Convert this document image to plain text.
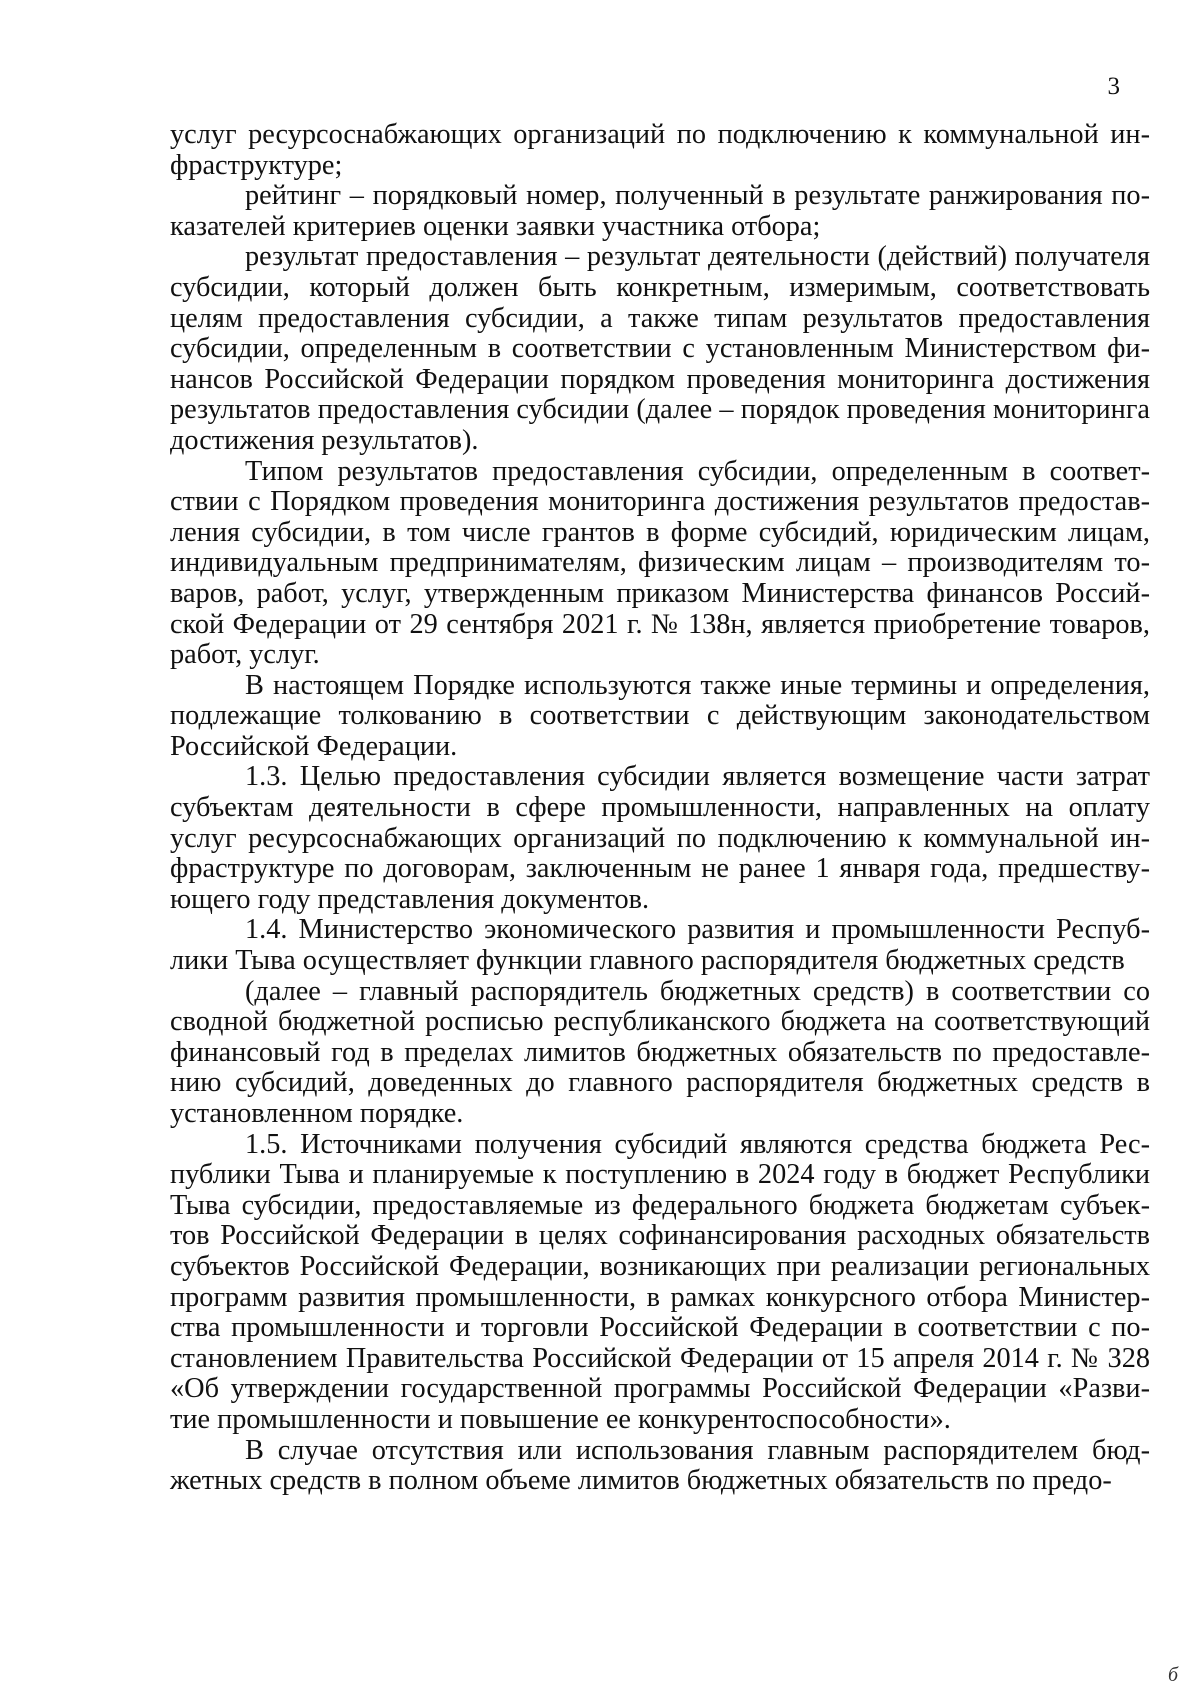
3

услуг ресурсоснабжающих организаций по подключению к коммунальной инфраструктуре;

рейтинг – порядковый номер, полученный в результате ранжирования показателей критериев оценки заявки участника отбора;

результат предоставления – результат деятельности (действий) получателя субсидии, который должен быть конкретным, измеримым, соответствовать целям предоставления субсидии, а также типам результатов предоставления субсидии, определенным в соответствии с установленным Министерством финансов Российской Федерации порядком проведения мониторинга достижения результатов предоставления субсидии (далее – порядок проведения мониторинга достижения результатов).

Типом результатов предоставления субсидии, определенным в соответствии с Порядком проведения мониторинга достижения результатов предоставления субсидии, в том числе грантов в форме субсидий, юридическим лицам, индивидуальным предпринимателям, физическим лицам – производителям товаров, работ, услуг, утвержденным приказом Министерства финансов Российской Федерации от 29 сентября 2021 г. № 138н, является приобретение товаров, работ, услуг.

В настоящем Порядке используются также иные термины и определения, подлежащие толкованию в соответствии с действующим законодательством Российской Федерации.

1.3. Целью предоставления субсидии является возмещение части затрат субъектам деятельности в сфере промышленности, направленных на оплату услуг ресурсоснабжающих организаций по подключению к коммунальной инфраструктуре по договорам, заключенным не ранее 1 января года, предшествующего году представления документов.

1.4. Министерство экономического развития и промышленности Республики Тыва осуществляет функции главного распорядителя бюджетных средств

(далее – главный распорядитель бюджетных средств) в соответствии со сводной бюджетной росписью республиканского бюджета на соответствующий финансовый год в пределах лимитов бюджетных обязательств по предоставлению субсидий, доведенных до главного распорядителя бюджетных средств в установленном порядке.

1.5. Источниками получения субсидий являются средства бюджета Республики Тыва и планируемые к поступлению в 2024 году в бюджет Республики Тыва субсидии, предоставляемые из федерального бюджета бюджетам субъектов Российской Федерации в целях софинансирования расходных обязательств субъектов Российской Федерации, возникающих при реализации региональных программ развития промышленности, в рамках конкурсного отбора Министерства промышленности и торговли Российской Федерации в соответствии с постановлением Правительства Российской Федерации от 15 апреля 2014 г. № 328 «Об утверждении государственной программы Российской Федерации «Развитие промышленности и повышение ее конкурентоспособности».

В случае отсутствия или использования главным распорядителем бюджетных средств в полном объеме лимитов бюджетных обязательств по предо-

б
